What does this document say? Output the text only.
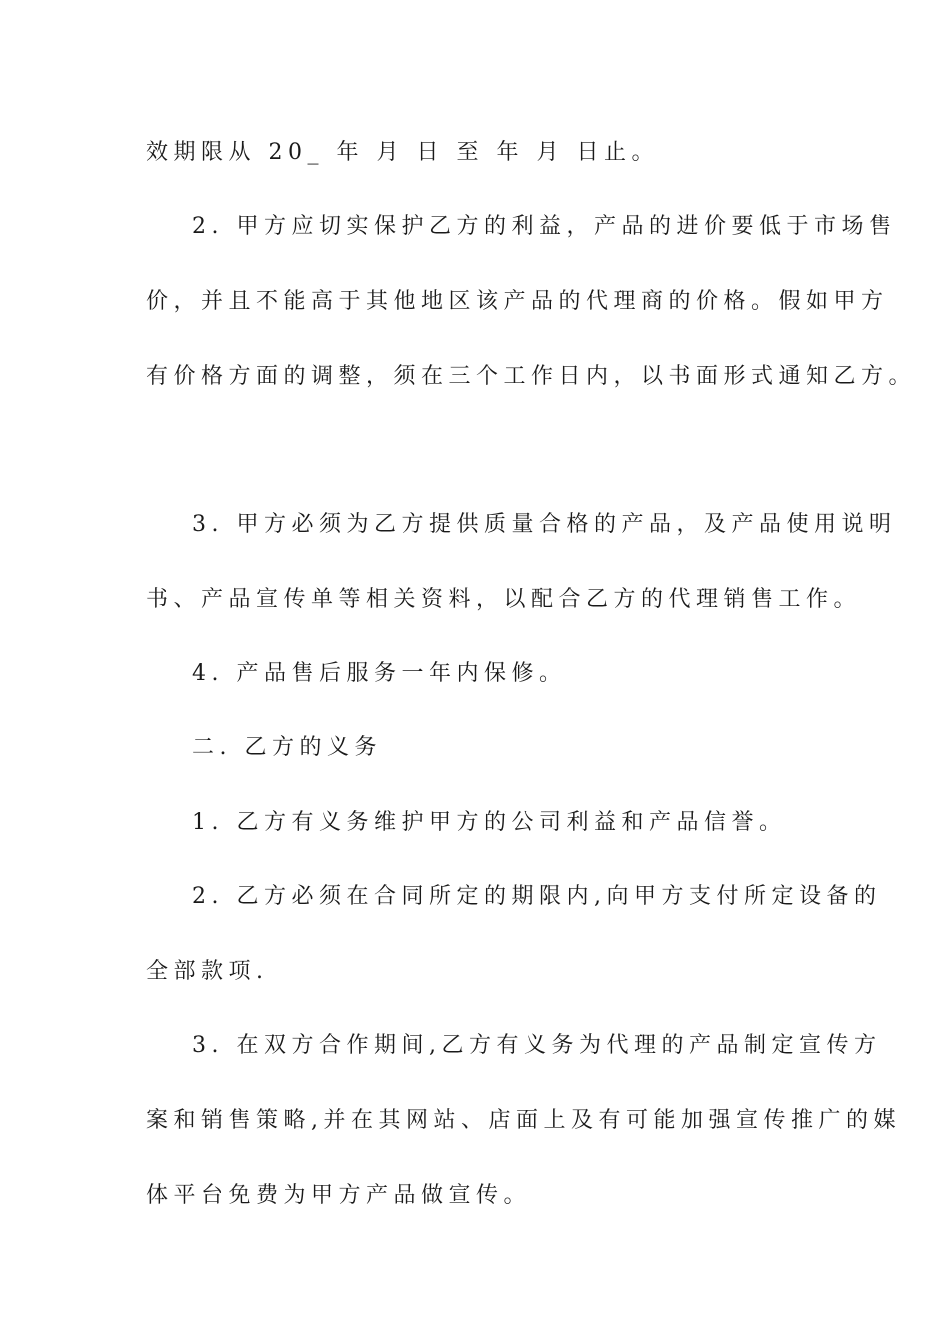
效期限从 20_ 年 月 日 至 年 月 日止。
2. 甲方应切实保护乙方的利益，产品的进价要低于市场售
价，并且不能高于其他地区该产品的代理商的价格。假如甲方
有价格方面的调整，须在三个工作日内，以书面形式通知乙方。
3. 甲方必须为乙方提供质量合格的产品，及产品使用说明
书、产品宣传单等相关资料，以配合乙方的代理销售工作。
4. 产品售后服务一年内保修。
二. 乙方的义务
1. 乙方有义务维护甲方的公司利益和产品信誉。
2. 乙方必须在合同所定的期限内,向甲方支付所定设备的
全部款项.
3. 在双方合作期间,乙方有义务为代理的产品制定宣传方
案和销售策略,并在其网站、店面上及有可能加强宣传推广的媒
体平台免费为甲方产品做宣传。
